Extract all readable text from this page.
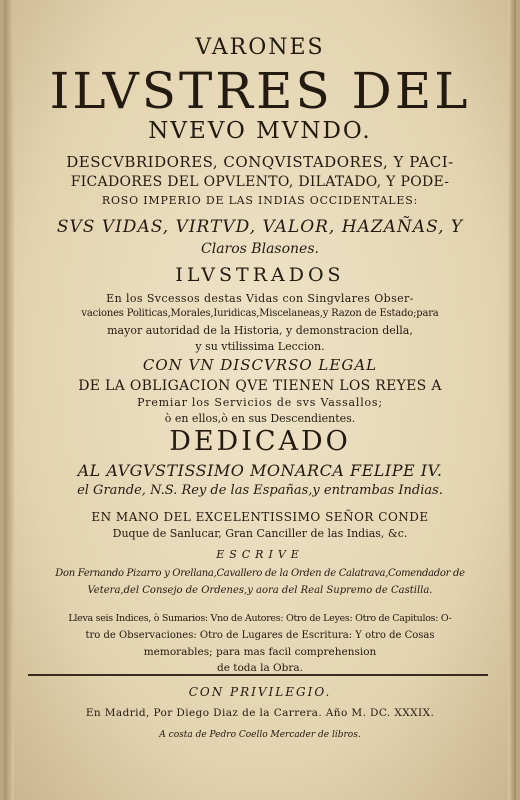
VARONES
ILVSTRES DEL
NVEVO MVNDO.
DESCVBRIDORES, CONQVISTADORES, Y PACI-
FICADORES DEL OPVLENTO, DILATADO, Y PODE-
ROSO IMPERIO DE LAS INDIAS OCCIDENTALES:
SVS VIDAS, VIRTVD, VALOR, HAZAÑAS, Y
Claros Blasones.
ILVSTRADOS
En los Svcessos destas Vidas con Singvlares Obser-
vaciones Politicas,Morales,Iuridicas,Miscelaneas,y Razon de Estado;para
mayor autoridad de la Historia, y demonstracion della,
y su vtilissima Leccion.
CON VN DISCVRSO LEGAL
DE LA OBLIGACION QVE TIENEN LOS REYES A
Premiar los Servicios de svs Vassallos;
ò en ellos,ò en sus Descendientes.
DEDICADO
AL AVGVSTISSIMO MONARCA FELIPE IV.
el Grande, N.S. Rey de las Españas,y entrambas Indias.
EN MANO DEL EXCELENTISSIMO SEÑOR CONDE
Duque de Sanlucar, Gran Canciller de las Indias, &c.
ESCRIVE
Don Fernando Pizarro y Orellana,Cavallero de la Orden de Calatrava,Comendador de
Vetera,del Consejo de Ordenes,y aora del Real Supremo de Castilla.
Lleva seis Indices, ò Sumarios: Vno de Autores: Otro de Leyes: Otro de Capitulos: O-
tro de Observaciones: Otro de Lugares de Escritura: Y otro de Cosas
memorables; para mas facil comprehension
de toda la Obra.
CON PRIVILEGIO.
En Madrid, Por Diego Diaz de la Carrera. Año M. DC. XXXIX.
A costa de Pedro Coello Mercader de libros.
